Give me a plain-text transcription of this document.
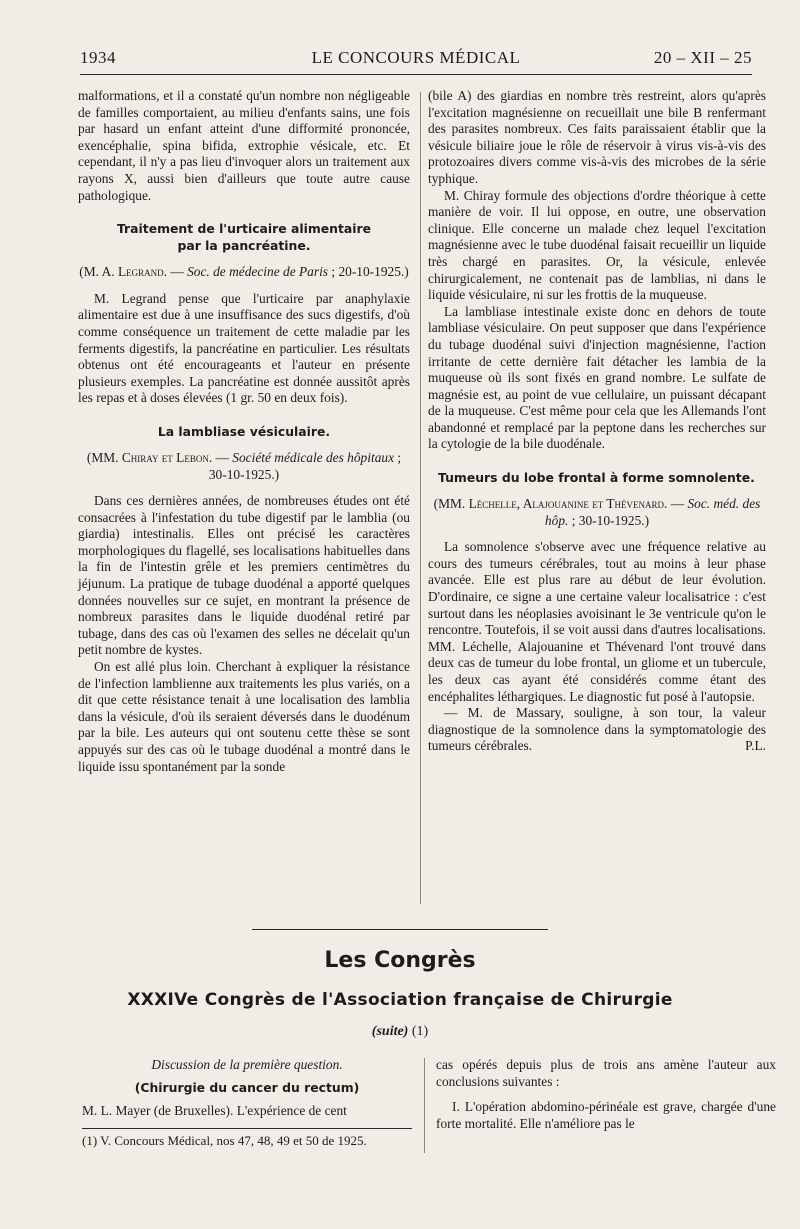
1934	LE CONCOURS MÉDICAL	20 – XII – 25

malformations, et il a constaté qu'un nombre non négligeable de familles comportaient, au milieu d'enfants sains, une fois par hasard un enfant atteint d'une difformité prononcée, exencéphalie, spina bifida, extrophie vésicale, etc. Et cependant, il n'y a pas lieu d'invoquer alors un traitement aux rayons X, aussi bien d'ailleurs que toute autre cause pathologique.

Traitement de l'urticaire alimentaire
par la pancréatine.
(M. A. Legrand. — Soc. de médecine de Paris ; 20-10-1925.)

M. Legrand pense que l'urticaire par anaphylaxie alimentaire est due à une insuffisance des sucs digestifs, d'où comme conséquence un traitement de cette maladie par les ferments digestifs, la pancréatine en particulier. Les résultats obtenus ont été encourageants et l'auteur en présente plusieurs exemples. La pancréatine est donnée aussitôt après les repas et à doses élevées (1 gr. 50 en deux fois).

La lambliase vésiculaire.
(MM. Chiray et Lebon. — Société médicale des hôpitaux ; 30-10-1925.)

Dans ces dernières années, de nombreuses études ont été consacrées à l'infestation du tube digestif par le lamblia (ou giardia) intestinalis. Elles ont précisé les caractères morphologiques du flagellé, ses localisations habituelles dans la fin de l'intestin grêle et les premiers centimètres du jéjunum. La pratique de tubage duodénal a apporté quelques données nouvelles sur ce sujet, en montrant la présence de nombreux parasites dans le liquide duodénal retiré par tubage, dans des cas où l'examen des selles ne décelait qu'un petit nombre de kystes.

On est allé plus loin. Cherchant à expliquer la résistance de l'infection lamblienne aux traitements les plus variés, on a dit que cette résistance tenait à une localisation des lamblia dans la vésicule, d'où ils seraient déversés dans le duodénum par la bile. Les auteurs qui ont soutenu cette thèse se sont appuyés sur des cas où le tubage duodénal a montré dans le liquide issu spontanément par la sonde

(bile A) des giardias en nombre très restreint, alors qu'après l'excitation magnésienne on recueillait une bile B renfermant des parasites nombreux. Ces faits paraissaient établir que la vésicule biliaire joue le rôle de réservoir à virus vis-à-vis des protozoaires divers comme vis-à-vis des microbes de la série typhique.

M. Chiray formule des objections d'ordre théorique à cette manière de voir. Il lui oppose, en outre, une observation clinique. Elle concerne un malade chez lequel l'excitation magnésienne avec le tube duodénal faisait recueillir un liquide très chargé en parasites. Or, la vésicule, enlevée chirurgicalement, ne contenait pas de lamblias, ni dans le liquide vésiculaire, ni sur les frottis de la muqueuse.

La lambliase intestinale existe donc en dehors de toute lambliase vésiculaire. On peut supposer que dans l'expérience du tubage duodénal suivi d'injection magnésienne, l'action irritante de cette dernière fait détacher les lambia de la muqueuse où ils sont fixés en grand nombre. Le sulfate de magnésie est, au point de vue cellulaire, un puissant décapant de la muqueuse. C'est même pour cela que les Allemands l'ont abandonné et remplacé par la peptone dans les recherches sur la cytologie de la bile duodénale.

Tumeurs du lobe frontal à forme somnolente.
(MM. Léchelle, Alajouanine et Thévenard. — Soc. méd. des hôp. ; 30-10-1925.)

La somnolence s'observe avec une fréquence relative au cours des tumeurs cérébrales, tout au moins à leur phase avancée. Elle est plus rare au début de leur évolution. D'ordinaire, ce signe a une certaine valeur localisatrice : c'est surtout dans les néoplasies avoisinant le 3e ventricule qu'on le rencontre. Toutefois, il se voit aussi dans d'autres localisations. MM. Léchelle, Alajouanine et Thévenard l'ont trouvé dans deux cas de tumeur du lobe frontal, un gliome et un tubercule, les deux cas ayant été considérés comme étant des encéphalites léthargiques. Le diagnostic fut posé à l'autopsie.

— M. de Massary, souligne, à son tour, la valeur diagnostique de la somnolence dans la symptomatologie des tumeurs cérébrales.	P.L.

Les Congrès
XXXIVe Congrès de l'Association française de Chirurgie
(suite) (1)
Discussion de la première question.
(Chirurgie du cancer du rectum)

M. L. Mayer (de Bruxelles). L'expérience de cent

cas opérés depuis plus de trois ans amène l'auteur aux conclusions suivantes :

I. L'opération abdomino-périnéale est grave, chargée d'une forte mortalité. Elle n'améliore pas le

(1) V. Concours Médical, nos 47, 48, 49 et 50 de 1925.
